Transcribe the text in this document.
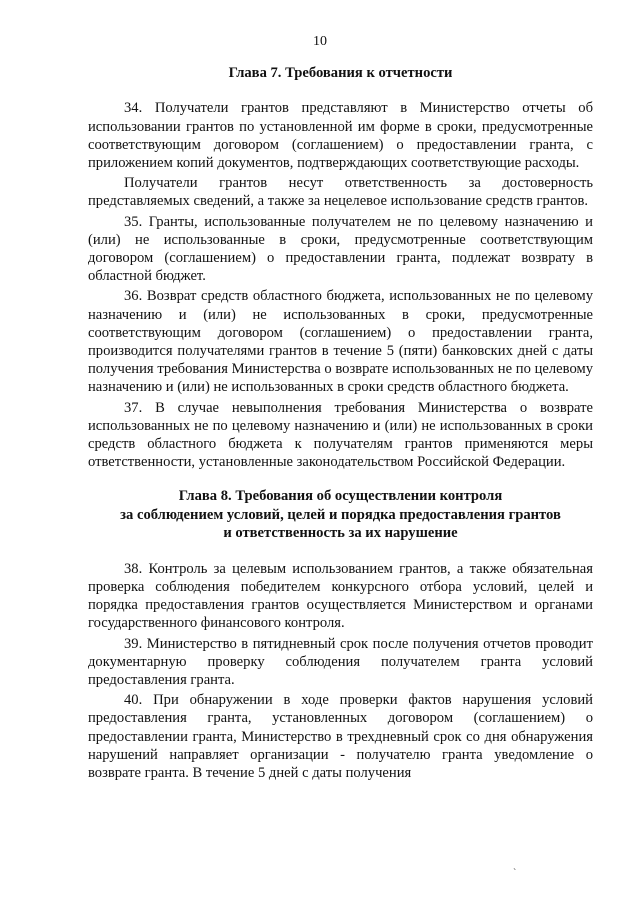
10
Глава 7. Требования к отчетности

34. Получатели грантов представляют в Министерство отчеты об использовании грантов по установленной им форме в сроки, предусмотренные соответствующим договором (соглашением) о предоставлении гранта, с приложением копий документов, подтверждающих соответствующие расходы.

Получатели грантов несут ответственность за достоверность представляемых сведений, а также за нецелевое использование средств грантов.

35. Гранты, использованные получателем не по целевому назначению и (или) не использованные в сроки, предусмотренные соответствующим договором (соглашением) о предоставлении гранта, подлежат возврату в областной бюджет.

36. Возврат средств областного бюджета, использованных не по целевому назначению и (или) не использованных в сроки, предусмотренные соответствующим договором (соглашением) о предоставлении гранта, производится получателями грантов в течение 5 (пяти) банковских дней с даты получения требования Министерства о возврате использованных не по целевому назначению и (или) не использованных в сроки средств областного бюджета.

37. В случае невыполнения требования Министерства о возврате использованных не по целевому назначению и (или) не использованных в сроки средств областного бюджета к получателям грантов применяются меры ответственности, установленные законодательством Российской Федерации.

Глава 8. Требования об осуществлении контроля
за соблюдением условий, целей и порядка предоставления грантов
и ответственность за их нарушение

38. Контроль за целевым использованием грантов, а также обязательная проверка соблюдения победителем конкурсного отбора условий, целей и порядка предоставления грантов осуществляется Министерством и органами государственного финансового контроля.

39. Министерство в пятидневный срок после получения отчетов проводит документарную проверку соблюдения получателем гранта условий предоставления гранта.

40. При обнаружении в ходе проверки фактов нарушения условий предоставления гранта, установленных договором (соглашением) о предоставлении гранта, Министерство в трехдневный срок со дня обнаружения нарушений направляет организации - получателю гранта уведомление о возврате гранта. В течение 5 дней с даты получения

`
